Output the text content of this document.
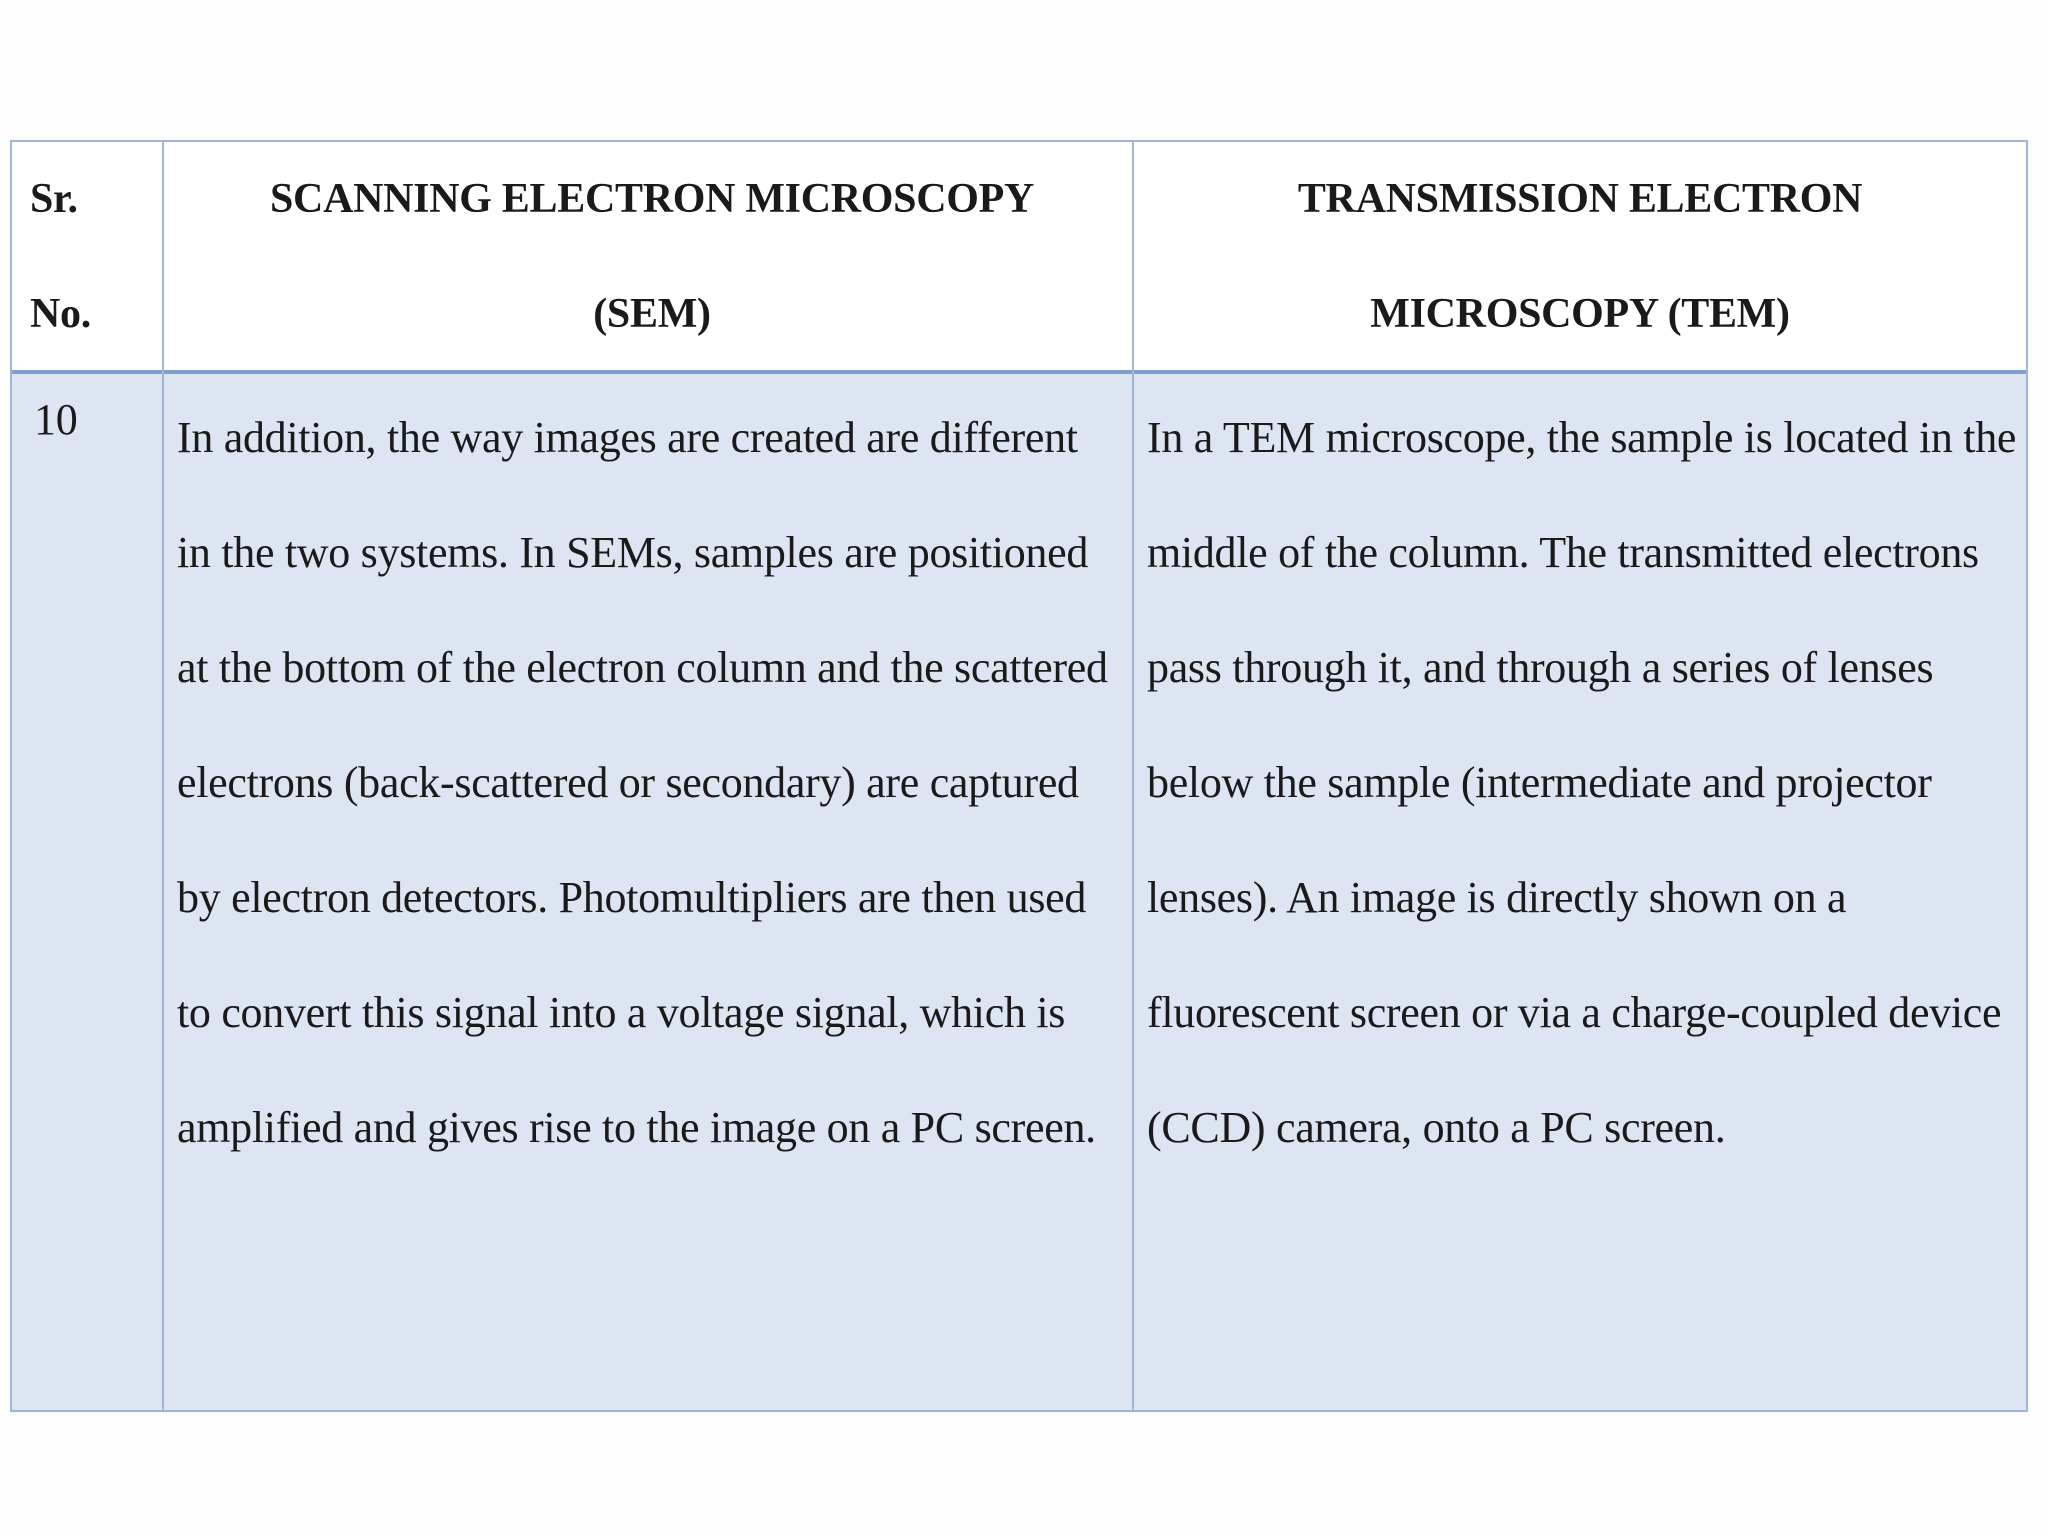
Sr.
No.
SCANNING ELECTRON MICROSCOPY
(SEM)
TRANSMISSION ELECTRON
MICROSCOPY (TEM)
10	In addition, the way images are created are different in the two systems. In SEMs, samples are positioned at the bottom of the electron column and the scattered electrons (back-scattered or secondary) are captured by electron detectors. Photomultipliers are then used to convert this signal into a voltage signal, which is amplified and gives rise to the image on a PC screen.
In a TEM microscope, the sample is located in the middle of the column. The transmitted electrons pass through it, and through a series of lenses below the sample (intermediate and projector lenses). An image is directly shown on a fluorescent screen or via a charge-coupled device (CCD) camera, onto a PC screen.
